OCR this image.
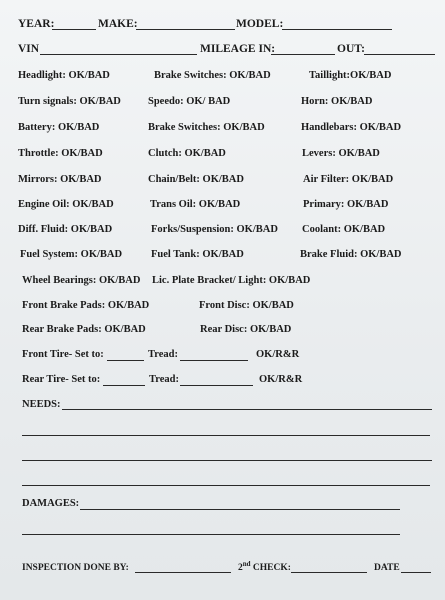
YEAR:	MAKE:	MODEL:
VIN	MILEAGE IN:	OUT:
Headlight: OK/BAD	Brake Switches: OK/BAD	Taillight:OK/BAD
Turn signals: OK/BAD	Speedo: OK/ BAD	Horn: OK/BAD
Battery: OK/BAD	Brake Switches: OK/BAD	Handlebars: OK/BAD
Throttle: OK/BAD	Clutch: OK/BAD	Levers: OK/BAD
Mirrors: OK/BAD	Chain/Belt: OK/BAD	Air Filter: OK/BAD
Engine Oil: OK/BAD	Trans Oil: OK/BAD	Primary: OK/BAD
Diff. Fluid: OK/BAD	Forks/Suspension: OK/BAD Coolant: OK/BAD
Fuel System: OK/BAD	Fuel Tank: OK/BAD	Brake Fluid: OK/BAD
Wheel Bearings: OK/BAD Lic. Plate Bracket/ Light: OK/BAD
Front Brake Pads: OK/BAD	Front Disc: OK/BAD
Rear Brake Pads: OK/BAD	Rear Disc: OK/BAD
Front Tire- Set to:	Tread:	OK/R&R
Rear Tire- Set to:	Tread:	OK/R&R
NEEDS:
DAMAGES:
INSPECTION DONE BY:	2nd CHECK:	DATE
